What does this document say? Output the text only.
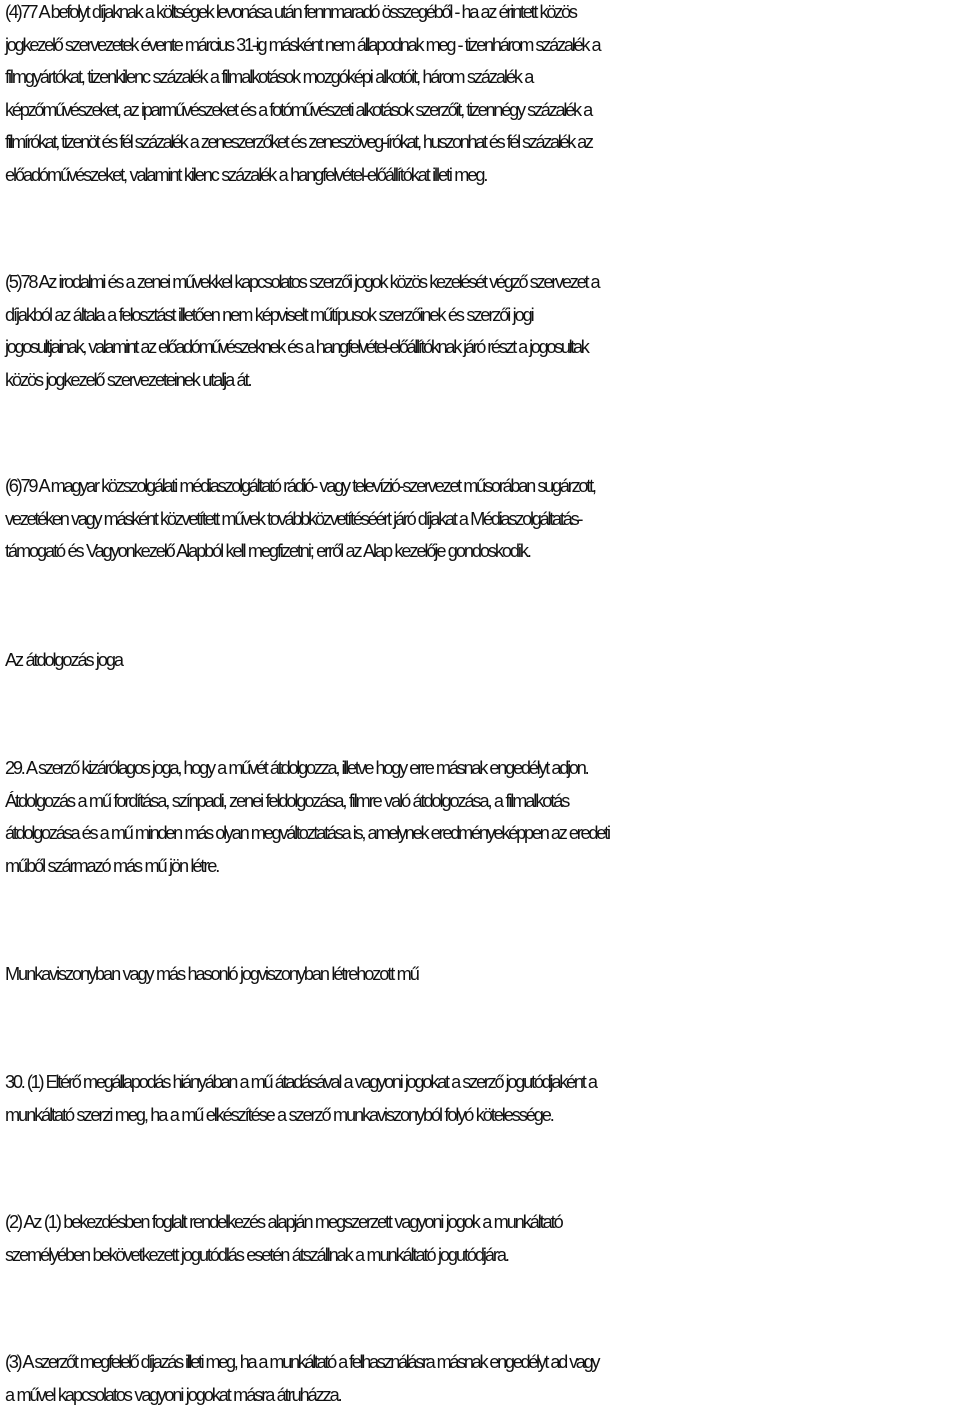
(4)77 A befolyt díjaknak a költségek levonása után fennmaradó összegéből - ha az érintett közös
jogkezelő szervezetek évente március 31-ig másként nem állapodnak meg - tizenhárom százalék a
filmgyártókat, tizenkilenc százalék a filmalkotások mozgóképi alkotóit, három százalék a
képzőművészeket, az iparművészeket és a fotóművészeti alkotások szerzőit, tizennégy százalék a
filmírókat, tizenöt és fél százalék a zeneszerzőket és zeneszöveg-írókat, huszonhat és fél százalék az
előadóművészeket, valamint kilenc százalék a hangfelvétel-előállítókat illeti meg.
(5)78 Az irodalmi és a zenei művekkel kapcsolatos szerzői jogok közös kezelését végző szervezet a
díjakból az általa a felosztást illetően nem képviselt műtípusok szerzőinek és szerzői jogi
jogosultjainak, valamint az előadóművészeknek és a hangfelvétel-előállítóknak járó részt a jogosultak
közös jogkezelő szervezeteinek utalja át.
(6)79 A magyar közszolgálati médiaszolgáltató rádió- vagy televízió-szervezet műsorában sugárzott,
vezetéken vagy másként közvetített művek továbbközvetítéséért járó díjakat a Médiaszolgáltatás-
támogató és Vagyonkezelő Alapból kell megfizetni; erről az Alap kezelője gondoskodik.
Az átdolgozás joga
29. A szerző kizárólagos joga, hogy a művét átdolgozza, illetve hogy erre másnak engedélyt adjon.
Átdolgozás a mű fordítása, színpadi, zenei feldolgozása, filmre való átdolgozása, a filmalkotás
átdolgozása és a mű minden más olyan megváltoztatása is, amelynek eredményeképpen az eredeti
műből származó más mű jön létre.
Munkaviszonyban vagy más hasonló jogviszonyban létrehozott mű
30. (1) Eltérő megállapodás hiányában a mű átadásával a vagyoni jogokat a szerző jogutódjaként a
munkáltató szerzi meg, ha a mű elkészítése a szerző munkaviszonyból folyó kötelessége.
(2) Az (1) bekezdésben foglalt rendelkezés alapján megszerzett vagyoni jogok a munkáltató
személyében bekövetkezett jogutódlás esetén átszállnak a munkáltató jogutódjára.
(3) A szerzőt megfelelő díjazás illeti meg, ha a munkáltató a felhasználásra másnak engedélyt ad vagy
a művel kapcsolatos vagyoni jogokat másra átruházza.
